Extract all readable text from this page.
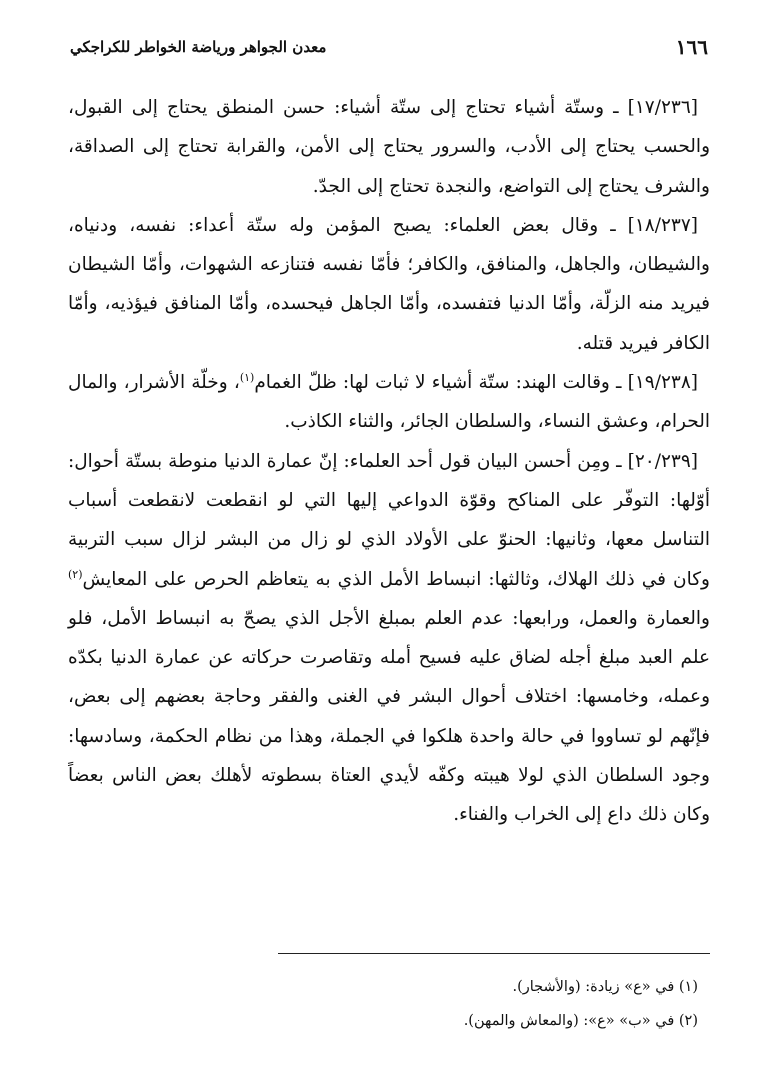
١٦٦
معدن الجواهر ورياضة الخواطر للكراجكي

[١٧/٢٣٦] ـ وستّة أشياء تحتاج إلى ستّة أشياء: حسن المنطق يحتاج إلى القبول، والحسب يحتاج إلى الأدب، والسرور يحتاج إلى الأمن، والقرابة تحتاج إلى الصداقة، والشرف يحتاج إلى التواضع، والنجدة تحتاج إلى الجدّ.

[١٨/٢٣٧] ـ وقال بعض العلماء: يصبح المؤمن وله ستّة أعداء: نفسه، ودنياه، والشيطان، والجاهل، والمنافق، والكافر؛ فأمّا نفسه فتنازعه الشهوات، وأمّا الشيطان فيريد منه الزلّة، وأمّا الدنيا فتفسده، وأمّا الجاهل فيحسده، وأمّا المنافق فيؤذيه، وأمّا الكافر فيريد قتله.

[١٩/٢٣٨] ـ وقالت الهند: ستّة أشياء لا ثبات لها: ظلّ الغمام$^{(١)}$، وخلّة الأشرار، والمال الحرام، وعشق النساء، والسلطان الجائر، والثناء الكاذب.

[٢٠/٢٣٩] ـ ومِن أحسن البيان قول أحد العلماء: إنّ عمارة الدنيا منوطة بستّة أحوال: أوّلها: التوفّر على المناكح وقوّة الدواعي إليها التي لو انقطعت لانقطعت أسباب التناسل معها، وثانيها: الحنوّ على الأولاد الذي لو زال من البشر لزال سبب التربية وكان في ذلك الهلاك، وثالثها: انبساط الأمل الذي به يتعاظم الحرص على المعايش$^{(٢)}$ والعمارة والعمل، ورابعها: عدم العلم بمبلغ الأجل الذي يصحّ به انبساط الأمل، فلو علم العبد مبلغ أجله لضاق عليه فسيح أمله وتقاصرت حركاته عن عمارة الدنيا بكدّه وعمله، وخامسها: اختلاف أحوال البشر في الغنى والفقر وحاجة بعضهم إلى بعض، فإنّهم لو تساووا في حالة واحدة هلكوا في الجملة، وهذا من نظام الحكمة، وسادسها: وجود السلطان الذي لولا هيبته وكفّه لأيدي العتاة بسطوته لأهلك بعض الناس بعضاً وكان ذلك داع إلى الخراب والفناء.

(١) في «ع» زيادة: (والأشجار).
(٢) في «ب» «ع»: (والمعاش والمهن).
